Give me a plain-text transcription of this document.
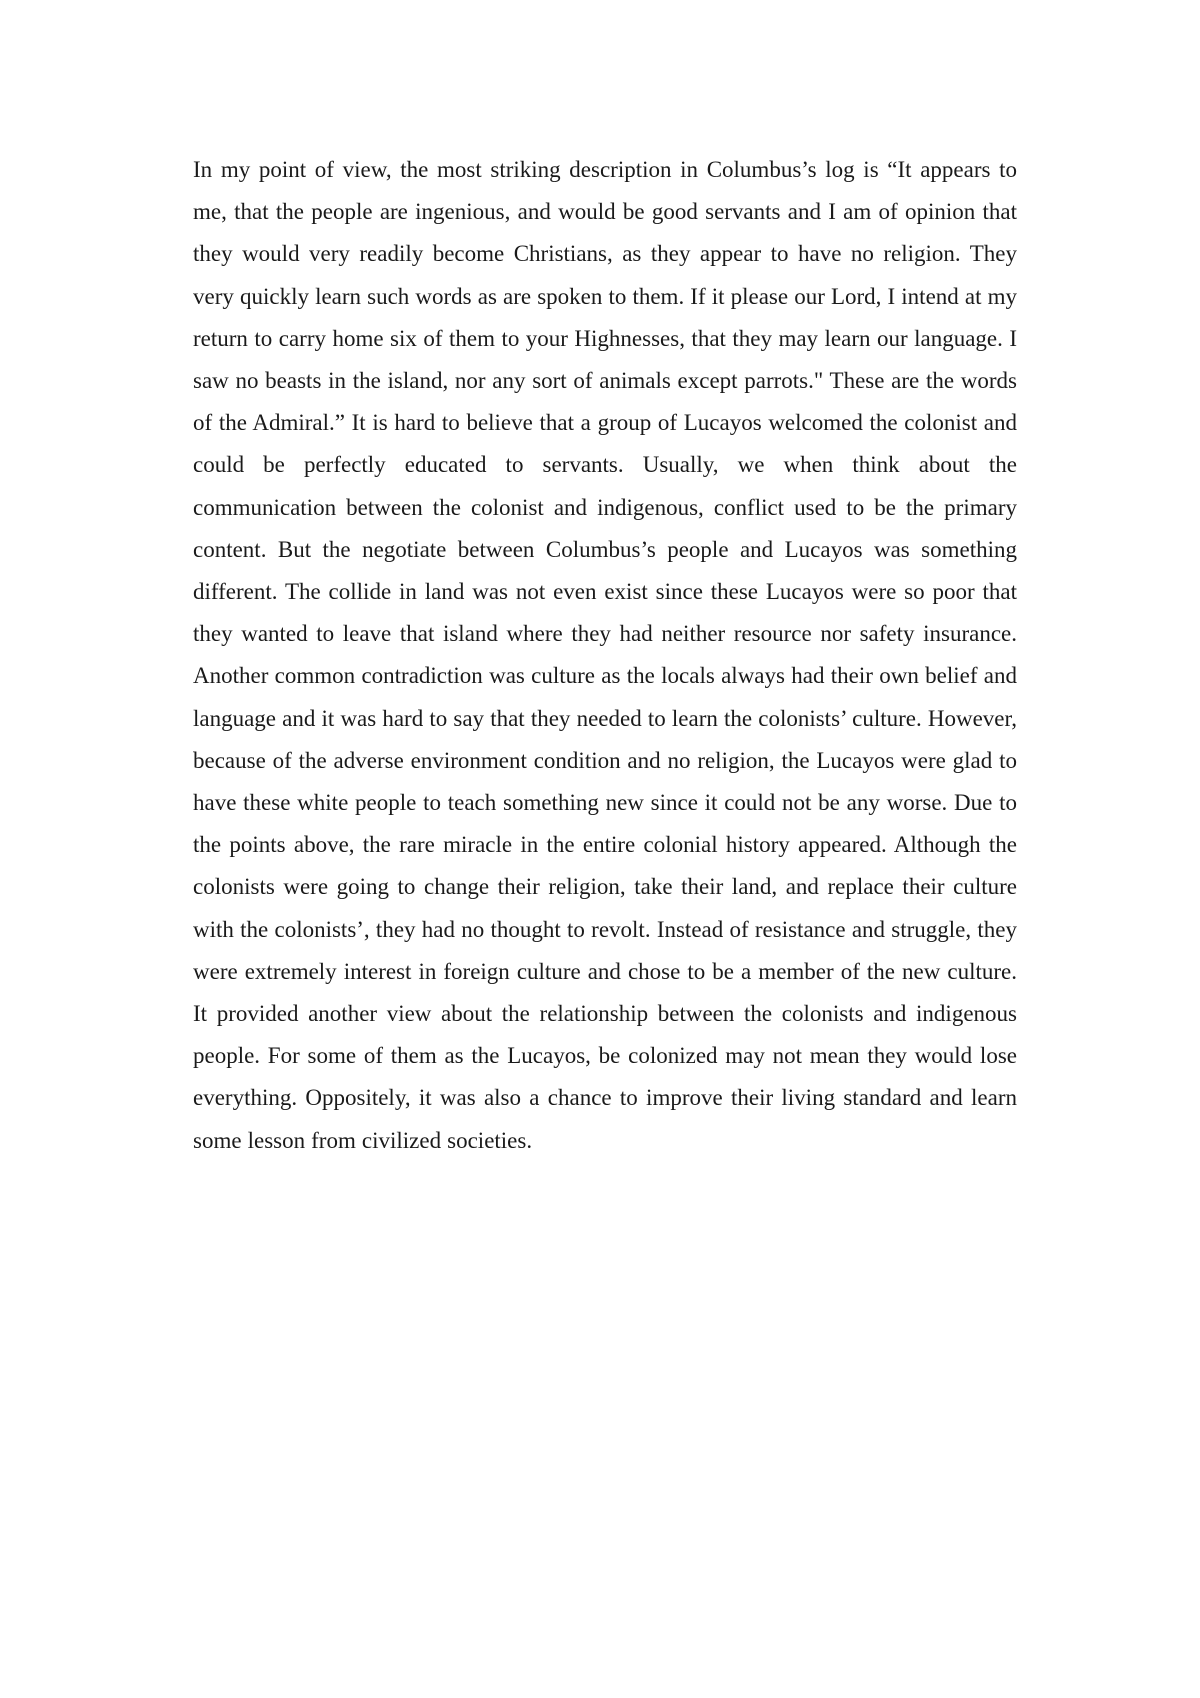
In my point of view, the most striking description in Columbus’s log is “It appears to me, that the people are ingenious, and would be good servants and I am of opinion that they would very readily become Christians, as they appear to have no religion. They very quickly learn such words as are spoken to them. If it please our Lord, I intend at my return to carry home six of them to your Highnesses, that they may learn our language. I saw no beasts in the island, nor any sort of animals except parrots." These are the words of the Admiral.” It is hard to believe that a group of Lucayos welcomed the colonist and could be perfectly educated to servants. Usually, we when think about the communication between the colonist and indigenous, conflict used to be the primary content. But the negotiate between Columbus’s people and Lucayos was something different. The collide in land was not even exist since these Lucayos were so poor that they wanted to leave that island where they had neither resource nor safety insurance. Another common contradiction was culture as the locals always had their own belief and language and it was hard to say that they needed to learn the colonists’ culture. However, because of the adverse environment condition and no religion, the Lucayos were glad to have these white people to teach something new since it could not be any worse. Due to the points above, the rare miracle in the entire colonial history appeared. Although the colonists were going to change their religion, take their land, and replace their culture with the colonists’, they had no thought to revolt. Instead of resistance and struggle, they were extremely interest in foreign culture and chose to be a member of the new culture. It provided another view about the relationship between the colonists and indigenous people. For some of them as the Lucayos, be colonized may not mean they would lose everything. Oppositely, it was also a chance to improve their living standard and learn some lesson from civilized societies.
